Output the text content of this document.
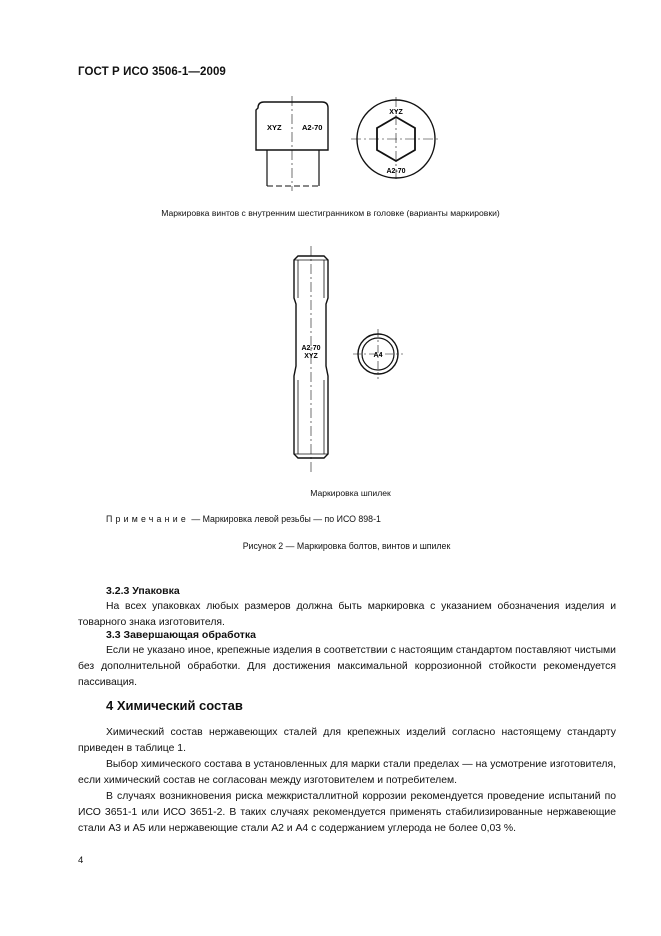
ГОСТ Р ИСО 3506-1—2009
XYZ	A2-70
XYZ
A2-70
Маркировка винтов с внутренним шестигранником в головке (варианты маркировки)
A2-70
XYZ	A4
Маркировка шпилек
Примечание — Маркировка левой резьбы — по ИСО 898-1
Рисунок 2 — Маркировка болтов, винтов и шпилек
3.2.3 Упаковка
На всех упаковках любых размеров должна быть маркировка с указанием обозначения изделия и товарного знака изготовителя.
3.3 Завершающая обработка
Если не указано иное, крепежные изделия в соответствии с настоящим стандартом поставляют чистыми без дополнительной обработки. Для достижения максимальной коррозионной стойкости рекомендуется пассивация.
4 Химический состав
Химический состав нержавеющих сталей для крепежных изделий согласно настоящему стандарту приведен в таблице 1.
Выбор химического состава в установленных для марки стали пределах — на усмотрение изготовителя, если химический состав не согласован между изготовителем и потребителем.
В случаях возникновения риска межкристаллитной коррозии рекомендуется проведение испытаний по ИСО 3651-1 или ИСО 3651-2. В таких случаях рекомендуется применять стабилизированные нержавеющие стали А3 и А5 или нержавеющие стали А2 и А4 с содержанием углерода не более 0,03 %.
4
